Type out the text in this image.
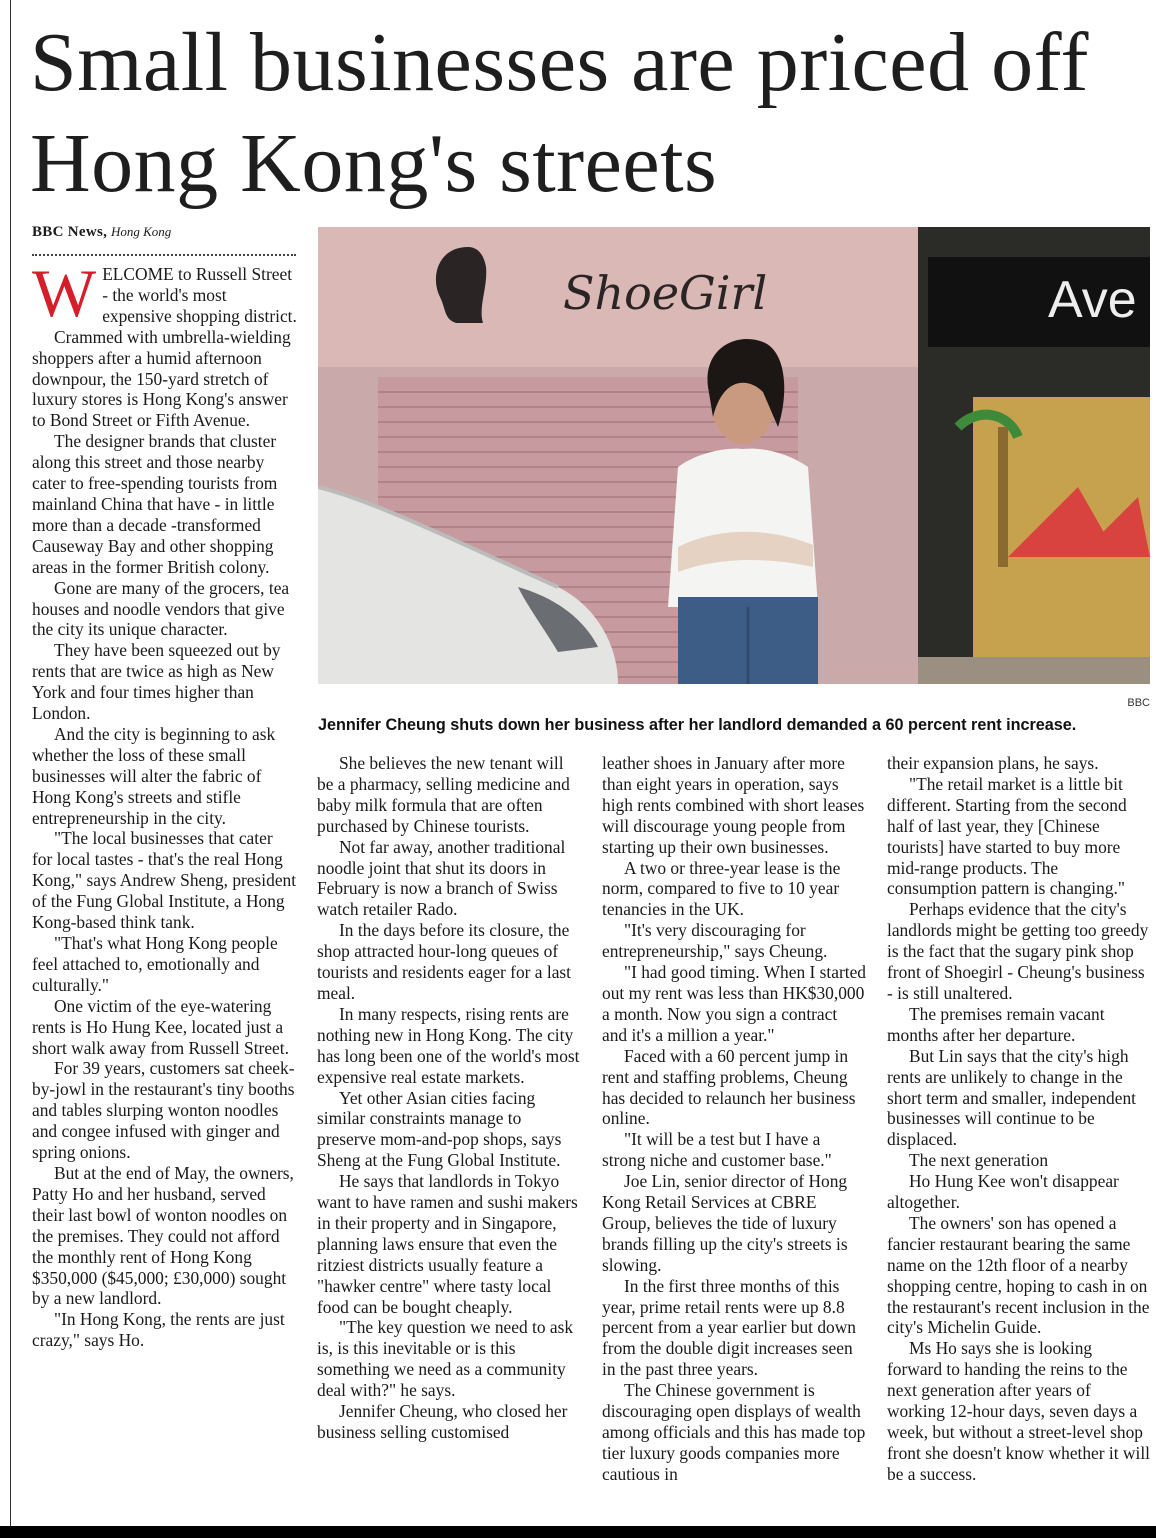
Small businesses are priced off Hong Kong's streets
BBC News, Hong Kong

WELCOME to Russell Street - the world's most expensive shopping district.

Crammed with umbrella-wielding shoppers after a humid afternoon downpour, the 150-yard stretch of luxury stores is Hong Kong's answer to Bond Street or Fifth Avenue.

The designer brands that cluster along this street and those nearby cater to free-spending tourists from mainland China that have - in little more than a decade -transformed Causeway Bay and other shopping areas in the former British colony.

Gone are many of the grocers, tea houses and noodle vendors that give the city its unique character.

They have been squeezed out by rents that are twice as high as New York and four times higher than London.

And the city is beginning to ask whether the loss of these small businesses will alter the fabric of Hong Kong's streets and stifle entrepreneurship in the city.

"The local businesses that cater for local tastes - that's the real Hong Kong," says Andrew Sheng, president of the Fung Global Institute, a Hong Kong-based think tank.

"That's what Hong Kong people feel attached to, emotionally and culturally."

One victim of the eye-watering rents is Ho Hung Kee, located just a short walk away from Russell Street.

For 39 years, customers sat cheek-by-jowl in the restaurant's tiny booths and tables slurping wonton noodles and congee infused with ginger and spring onions.

But at the end of May, the owners, Patty Ho and her husband, served their last bowl of wonton noodles on the premises. They could not afford the monthly rent of Hong Kong $350,000 ($45,000; £30,000) sought by a new landlord.

"In Hong Kong, the rents are just crazy," says Ho.

ShoeGirl	Ave
BBC
Jennifer Cheung shuts down her business after her landlord demanded a 60 percent rent increase.

She believes the new tenant will be a pharmacy, selling medicine and baby milk formula that are often purchased by Chinese tourists.

Not far away, another traditional noodle joint that shut its doors in February is now a branch of Swiss watch retailer Rado.

In the days before its closure, the shop attracted hour-long queues of tourists and residents eager for a last meal.

In many respects, rising rents are nothing new in Hong Kong. The city has long been one of the world's most expensive real estate markets.

Yet other Asian cities facing similar constraints manage to preserve mom-and-pop shops, says Sheng at the Fung Global Institute.

He says that landlords in Tokyo want to have ramen and sushi makers in their property and in Singapore, planning laws ensure that even the ritziest districts usually feature a "hawker centre" where tasty local food can be bought cheaply.

"The key question we need to ask is, is this inevitable or is this something we need as a community deal with?" he says.

Jennifer Cheung, who closed her business selling customised

leather shoes in January after more than eight years in operation, says high rents combined with short leases will discourage young people from starting up their own businesses.

A two or three-year lease is the norm, compared to five to 10 year tenancies in the UK.

"It's very discouraging for entrepreneurship," says Cheung.

"I had good timing. When I started out my rent was less than HK$30,000 a month. Now you sign a contract and it's a million a year."

Faced with a 60 percent jump in rent and staffing problems, Cheung has decided to relaunch her business online.

"It will be a test but I have a strong niche and customer base."

Joe Lin, senior director of Hong Kong Retail Services at CBRE Group, believes the tide of luxury brands filling up the city's streets is slowing.

In the first three months of this year, prime retail rents were up 8.8 percent from a year earlier but down from the double digit increases seen in the past three years.

The Chinese government is discouraging open displays of wealth among officials and this has made top tier luxury goods companies more cautious in

their expansion plans, he says.

"The retail market is a little bit different. Starting from the second half of last year, they [Chinese tourists] have started to buy more mid-range products. The consumption pattern is changing."

Perhaps evidence that the city's landlords might be getting too greedy is the fact that the sugary pink shop front of Shoegirl - Cheung's business - is still unaltered.

The premises remain vacant months after her departure.

But Lin says that the city's high rents are unlikely to change in the short term and smaller, independent businesses will continue to be displaced.

The next generation

Ho Hung Kee won't disappear altogether.

The owners' son has opened a fancier restaurant bearing the same name on the 12th floor of a nearby shopping centre, hoping to cash in on the restaurant's recent inclusion in the city's Michelin Guide.

Ms Ho says she is looking forward to handing the reins to the next generation after years of working 12-hour days, seven days a week, but without a street-level shop front she doesn't know whether it will be a success.
